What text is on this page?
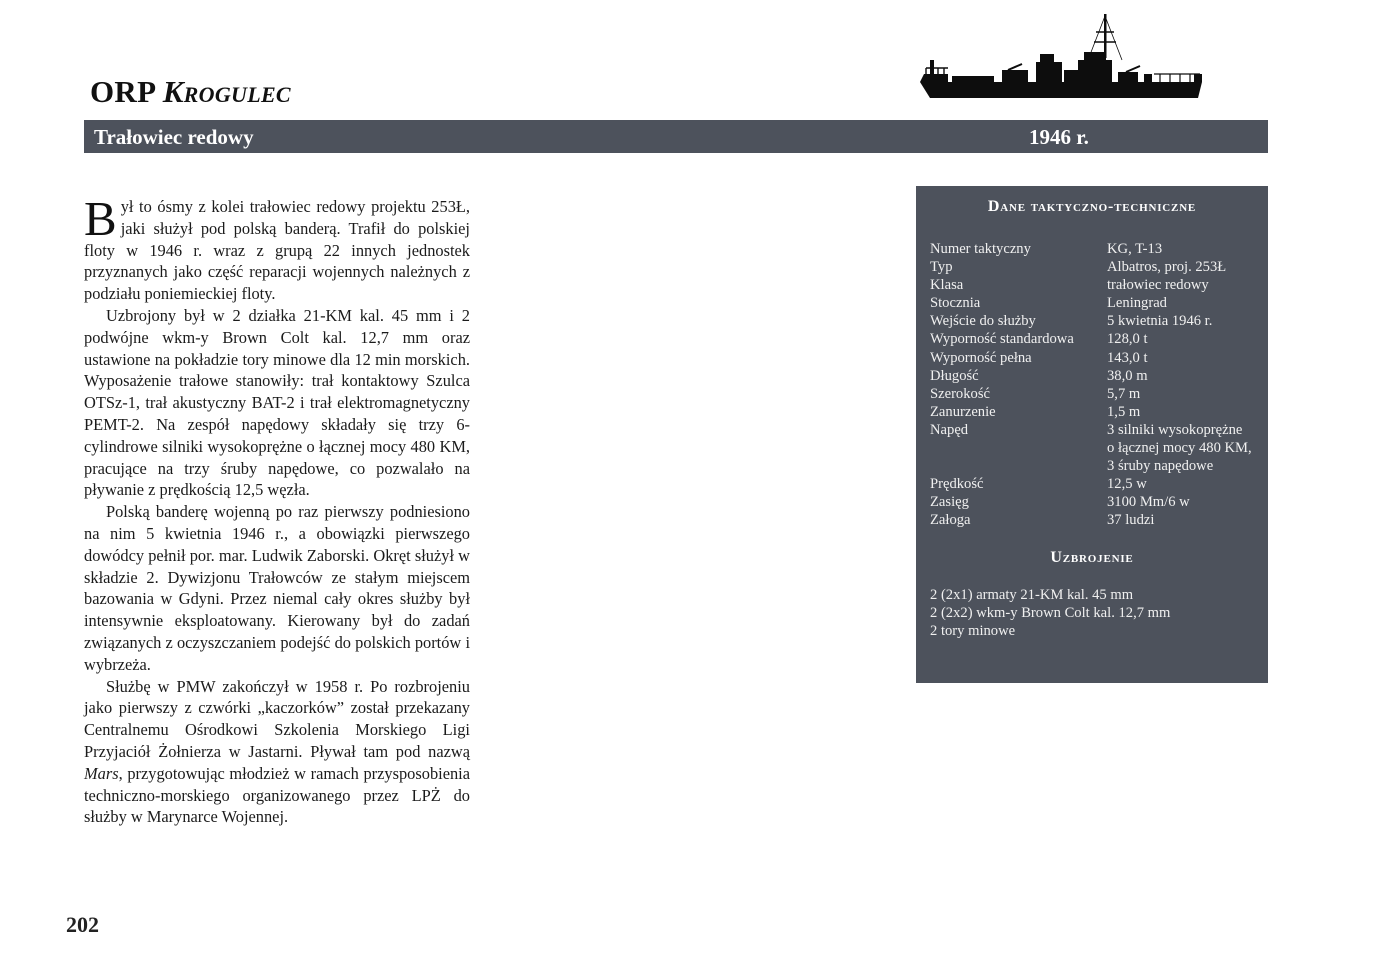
ORP Krogulec
Trałowiec redowy	1946 r.

Był to ósmy z kolei trałowiec redowy projektu 253Ł, jaki służył pod polską banderą. Trafił do polskiej floty w 1946 r. wraz z grupą 22 innych jednostek przyznanych jako część reparacji wojennych należnych z podziału poniemieckiej floty.

Uzbrojony był w 2 działka 21-KM kal. 45 mm i 2 podwójne wkm-y Brown Colt kal. 12,7 mm oraz ustawione na pokładzie tory minowe dla 12 min morskich. Wyposażenie trałowe stanowiły: trał kontaktowy Szulca OTSz-1, trał akustyczny BAT-2 i trał elektromagnetyczny PEMT-2. Na zespół napędowy składały się trzy 6-cylindrowe silniki wysokoprężne o łącznej mocy 480 KM, pracujące na trzy śruby napędowe, co pozwalało na pływanie z prędkością 12,5 węzła.

Polską banderę wojenną po raz pierwszy podniesiono na nim 5 kwietnia 1946 r., a obowiązki pierwszego dowódcy pełnił por. mar. Ludwik Zaborski. Okręt służył w składzie 2. Dywizjonu Trałowców ze stałym miejscem bazowania w Gdyni. Przez niemal cały okres służby był intensywnie eksploatowany. Kierowany był do zadań związanych z oczyszczaniem podejść do polskich portów i wybrzeża.

Służbę w PMW zakończył w 1958 r. Po rozbrojeniu jako pierwszy z czwórki „kaczorków” został przekazany Centralnemu Ośrodkowi Szkolenia Morskiego Ligi Przyjaciół Żołnierza w Jastarni. Pływał tam pod nazwą Mars, przygotowując młodzież w ramach przysposobienia techniczno-morskiego organizowanego przez LPŻ do służby w Marynarce Wojennej.

Dane taktyczno-techniczne
Numer taktyczny	KG, T-13
Typ	Albatros, proj. 253Ł
Klasa	trałowiec redowy
Stocznia	Leningrad
Wejście do służby	5 kwietnia 1946 r.
Wyporność standardowa	128,0 t
Wyporność pełna	143,0 t
Długość	38,0 m
Szerokość	5,7 m
Zanurzenie	1,5 m
Napęd	3 silniki wysokoprężne
o łącznej mocy 480 KM,
3 śruby napędowe
Prędkość	12,5 w
Zasięg	3100 Mm/6 w
Załoga	37 ludzi
Uzbrojenie
2 (2x1) armaty 21-KM kal. 45 mm
2 (2x2) wkm-y Brown Colt kal. 12,7 mm
2 tory minowe
202
